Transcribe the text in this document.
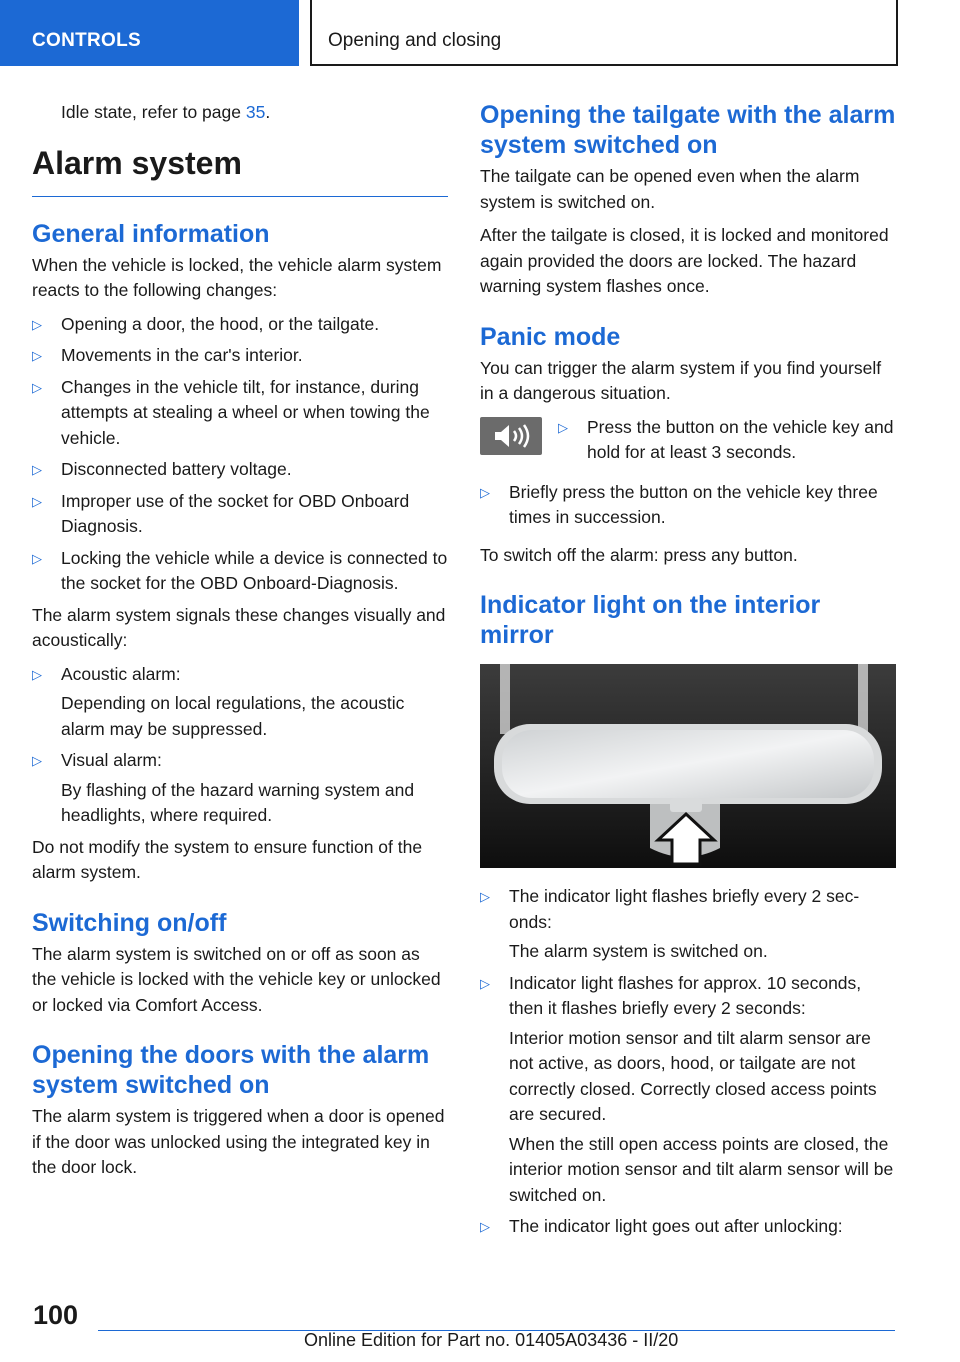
CONTROLS	Opening and closing

Idle state, refer to page 35.

Alarm system
General information

When the vehicle is locked, the vehicle alarm system reacts to the following changes:

▷ Opening a door, the hood, or the tailgate.
▷ Movements in the car's interior.
▷ Changes in the vehicle tilt, for instance, during attempts at stealing a wheel or when towing the vehicle.
▷ Disconnected battery voltage.
▷ Improper use of the socket for OBD Onboard Diagnosis.
▷ Locking the vehicle while a device is connected to the socket for the OBD Onboard-Diagnosis.

The alarm system signals these changes visually and acoustically:

▷ Acoustic alarm:
Depending on local regulations, the acoustic alarm may be suppressed.
▷ Visual alarm:
By flashing of the hazard warning system and headlights, where required.

Do not modify the system to ensure function of the alarm system.

Switching on/off

The alarm system is switched on or off as soon as the vehicle is locked with the vehicle key or unlocked or locked via Comfort Access.

Opening the doors with the alarm system switched on

The alarm system is triggered when a door is opened if the door was unlocked using the integrated key in the door lock.

Opening the tailgate with the alarm system switched on

The tailgate can be opened even when the alarm system is switched on.

After the tailgate is closed, it is locked and monitored again provided the doors are locked. The hazard warning system flashes once.

Panic mode

You can trigger the alarm system if you find yourself in a dangerous situation.

▷ Press the button on the vehicle key and hold for at least 3 seconds.
▷ Briefly press the button on the vehicle key three times in succession.

To switch off the alarm: press any button.

Indicator light on the interior mirror
▷ The indicator light flashes briefly every 2 seconds:
The alarm system is switched on.
▷ Indicator light flashes for approx. 10 seconds, then it flashes briefly every 2 seconds:
Interior motion sensor and tilt alarm sensor are not active, as doors, hood, or tailgate are not correctly closed. Correctly closed access points are secured.
When the still open access points are closed, the interior motion sensor and tilt alarm sensor will be switched on.
▷ The indicator light goes out after unlocking:
100
Online Edition for Part no. 01405A03436 - II/20
